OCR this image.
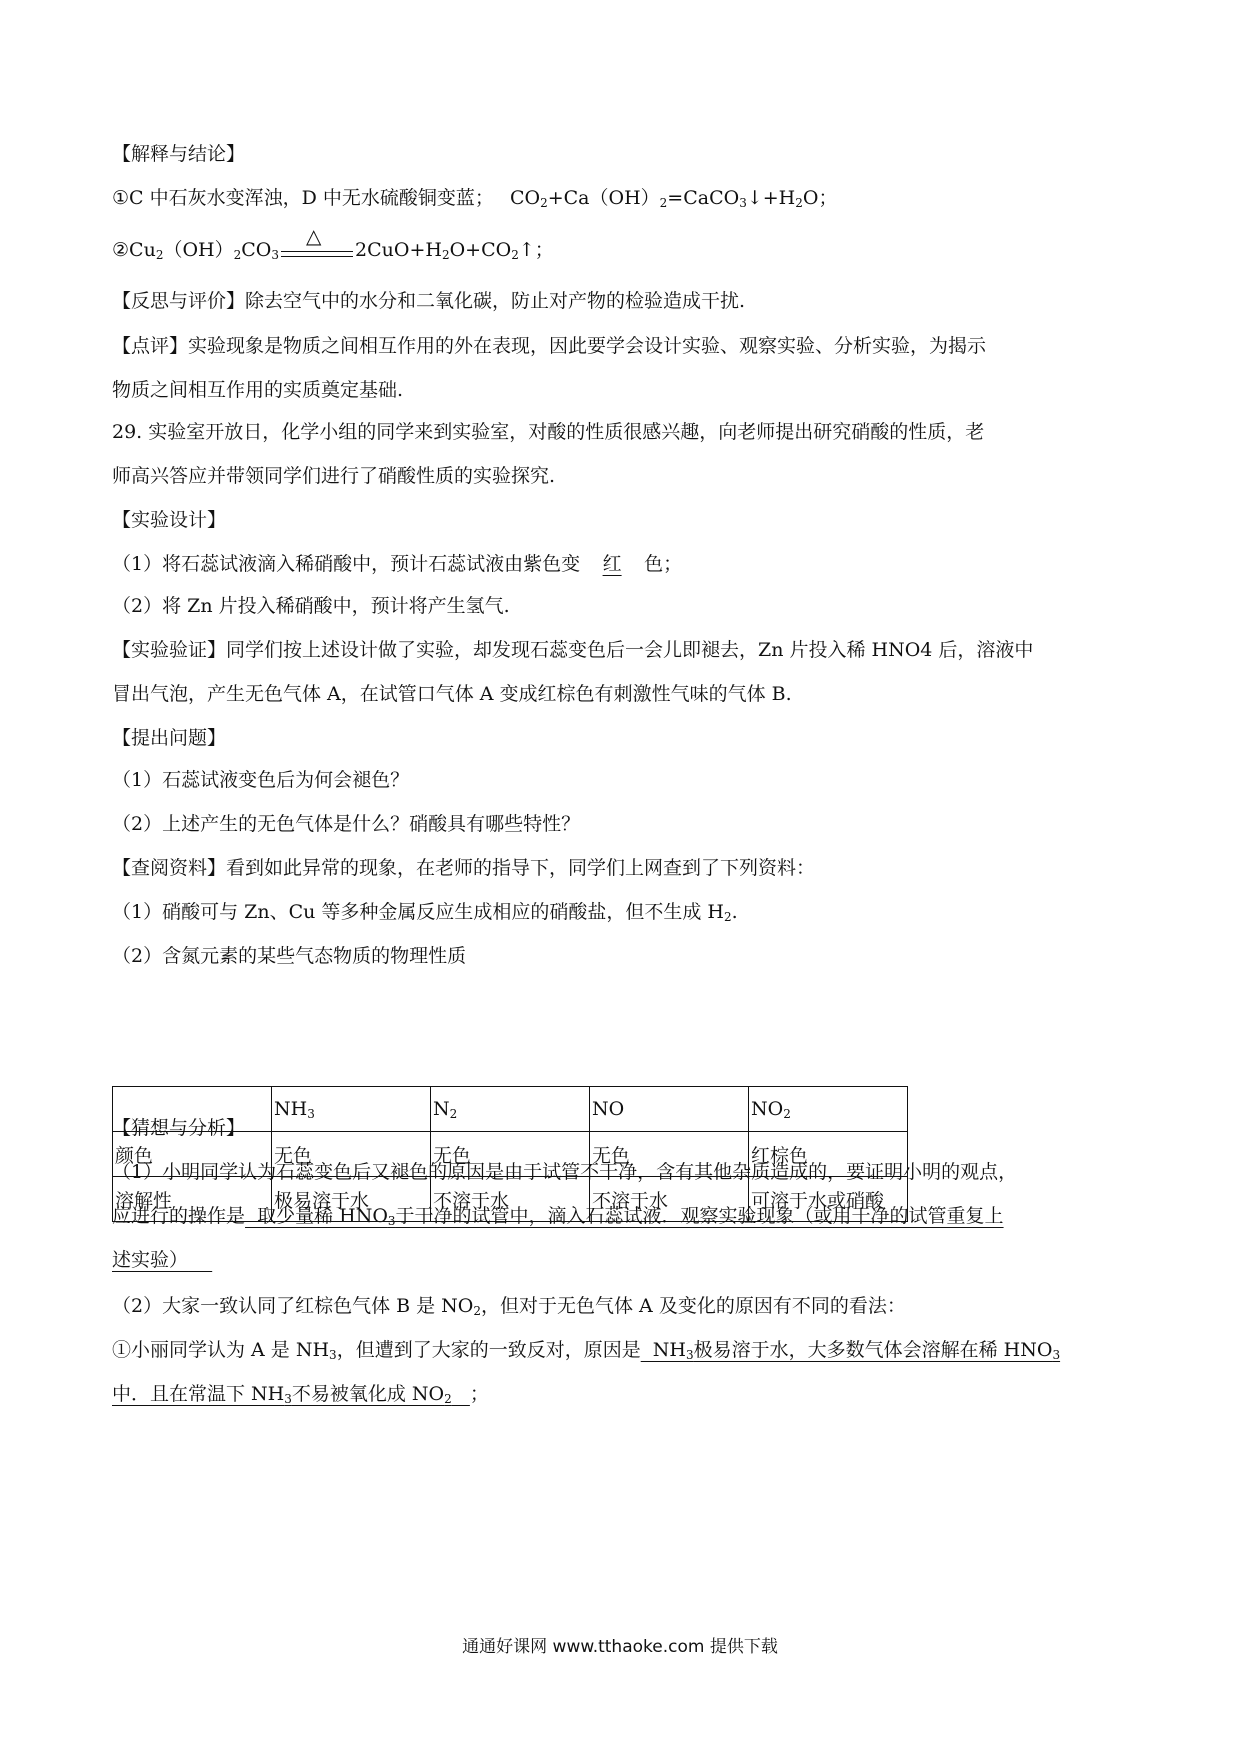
【解释与结论】
①C 中石灰水变浑浊，D 中无水硫酸铜变蓝； $CO_2+Ca(OH)_2=CaCO_3↓+H_2O$；
$②Cu_2(OH)_2CO_3$
△
$2CuO+H_2O+CO_2↑$；
【反思与评价】除去空气中的水分和二氧化碳，防止对产物的检验造成干扰.
【点评】实验现象是物质之间相互作用的外在表现，因此要学会设计实验、观察实验、分析实验，为揭示
物质之间相互作用的实质奠定基础.
29. 实验室开放日，化学小组的同学来到实验室，对酸的性质很感兴趣，向老师提出研究硝酸的性质，老
师高兴答应并带领同学们进行了硝酸性质的实验探究.
【实验设计】
（1）将石蕊试液滴入稀硝酸中，预计石蕊试液由紫色变 红 色；
（2）将 Zn 片投入稀硝酸中，预计将产生氢气.
【实验验证】同学们按上述设计做了实验，却发现石蕊变色后一会儿即褪去，Zn 片投入稀 HNO4 后，溶液中
冒出气泡，产生无色气体 A，在试管口气体 A 变成红棕色有刺激性气味的气体 B.
【提出问题】
（1）石蕊试液变色后为何会褪色？
（2）上述产生的无色气体是什么？硝酸具有哪些特性？
【查阅资料】看到如此异常的现象，在老师的指导下，同学们上网查到了下列资料：
（1）硝酸可与 Zn、Cu 等多种金属反应生成相应的硝酸盐，但不生成 $H_2$.
（2）含氮元素的某些气态物质的物理性质
	$NH_3$	$N_2$	NO	$NO_2$
颜色	无色	无色	无色	红棕色
溶解性	极易溶于水	不溶于水	不溶于水	可溶于水或硝酸
【猜想与分析】
（1）小明同学认为石蕊变色后又褪色的原因是由于试管不干净，含有其他杂质造成的，要证明小明的观点，
应进行的操作是  取少量稀 $HNO_3$于干净的试管中，滴入石蕊试液．观察实验现象（或用干净的试管重复上
述实验）
（2）大家一致认同了红棕色气体 B 是 $NO_2$，但对于无色气体 A 及变化的原因有不同的看法：
①小丽同学认为 A 是 $NH_3$，但遭到了大家的一致反对，原因是  $NH_3$极易溶于水，大多数气体会溶解在稀 $HNO_3$
中．且在常温下 $NH_3$不易被氧化成 $NO_2$ ；
通通好课网 www.tthaoke.com 提供下载
